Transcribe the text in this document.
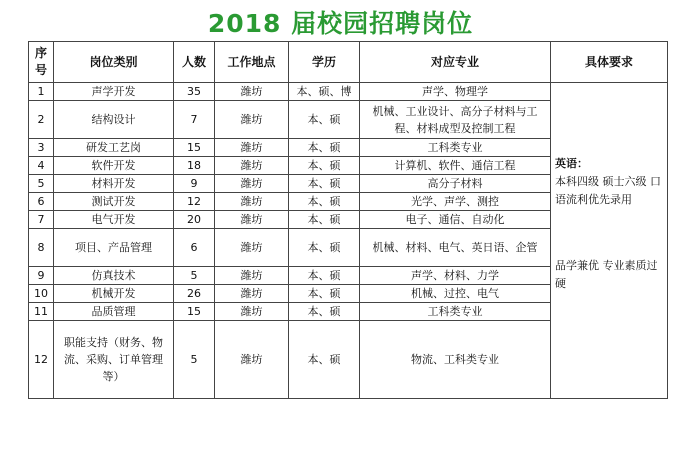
2018 届校园招聘岗位
序号	岗位类别	人数	工作地点	学历	对应专业	具体要求
1	声学开发	35	潍坊	本、硕、博	声学、物理学	英语：
本科四级 硕士六级 口语流利优先录用
品学兼优 专业素质过硬

2	结构设计	7	潍坊	本、硕	机械、工业设计、高分子材料与工程、材料成型及控制工程	
3	研发工艺岗	15	潍坊	本、硕	工科类专业	
4	软件开发	18	潍坊	本、硕	计算机、软件、通信工程	
5	材料开发	9	潍坊	本、硕	高分子材料	
6	测试开发	12	潍坊	本、硕	光学、声学、测控	
7	电气开发	20	潍坊	本、硕	电子、通信、自动化	
8	项目、产品管理	6	潍坊	本、硕	机械、材料、电气、英日语、企管	
9	仿真技术	5	潍坊	本、硕	声学、材料、力学	
10	机械开发	26	潍坊	本、硕	机械、过控、电气	
11	品质管理	15	潍坊	本、硕	工科类专业	
12	职能支持（财务、物流、采购、订单管理等）	5	潍坊	本、硕	物流、工科类专业	
